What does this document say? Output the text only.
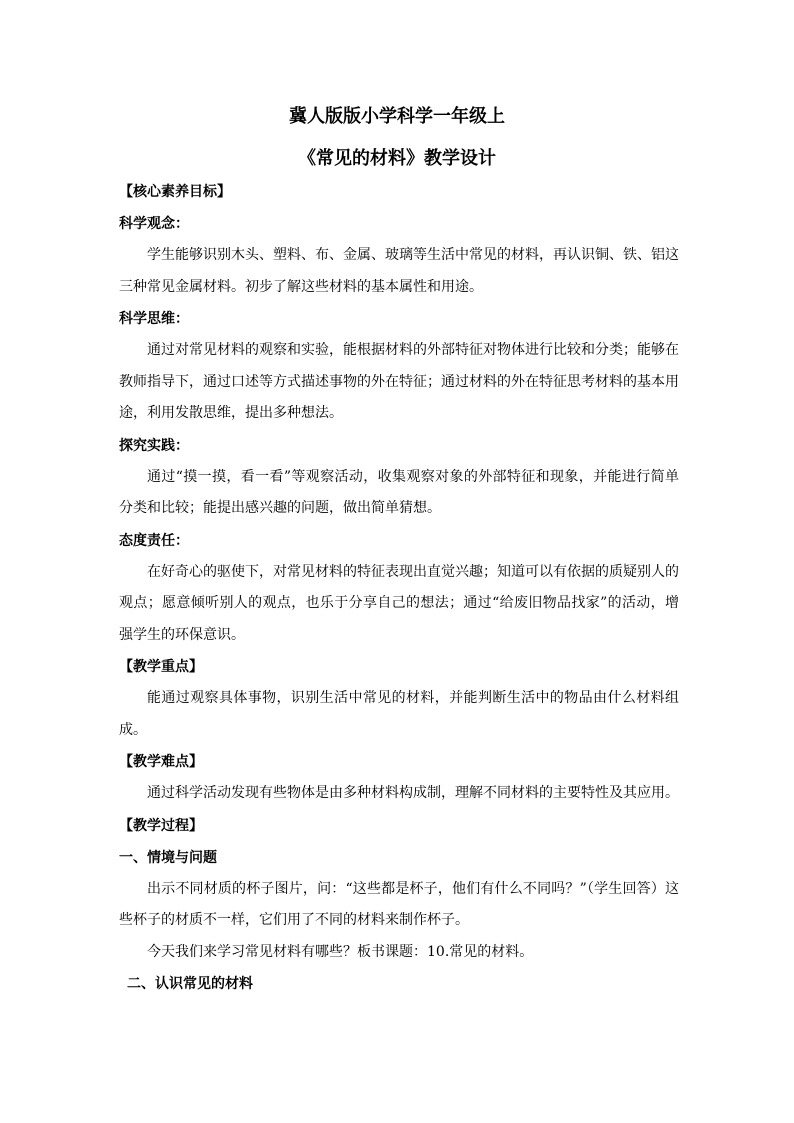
冀人版版小学科学一年级上

《常见的材料》教学设计

【核心素养目标】

科学观念：

学生能够识别木头、塑料、布、金属、玻璃等生活中常见的材料，再认识铜、铁、铝这三种常见金属材料。初步了解这些材料的基本属性和用途。

科学思维：

通过对常见材料的观察和实验，能根据材料的外部特征对物体进行比较和分类；能够在教师指导下，通过口述等方式描述事物的外在特征；通过材料的外在特征思考材料的基本用途，利用发散思维，提出多种想法。

探究实践：

通过“摸一摸，看一看”等观察活动，收集观察对象的外部特征和现象，并能进行简单分类和比较；能提出感兴趣的问题，做出简单猜想。

态度责任：

在好奇心的驱使下，对常见材料的特征表现出直觉兴趣；知道可以有依据的质疑别人的观点；愿意倾听别人的观点，也乐于分享自己的想法；通过“给废旧物品找家”的活动，增强学生的环保意识。

【教学重点】

能通过观察具体事物，识别生活中常见的材料，并能判断生活中的物品由什么材料组成。

【教学难点】

通过科学活动发现有些物体是由多种材料构成制，理解不同材料的主要特性及其应用。

【教学过程】

一、情境与问题

出示不同材质的杯子图片，问：“这些都是杯子，他们有什么不同吗？”（学生回答）这些杯子的材质不一样，它们用了不同的材料来制作杯子。

今天我们来学习常见材料有哪些？板书课题：10.常见的材料。

二、认识常见的材料
